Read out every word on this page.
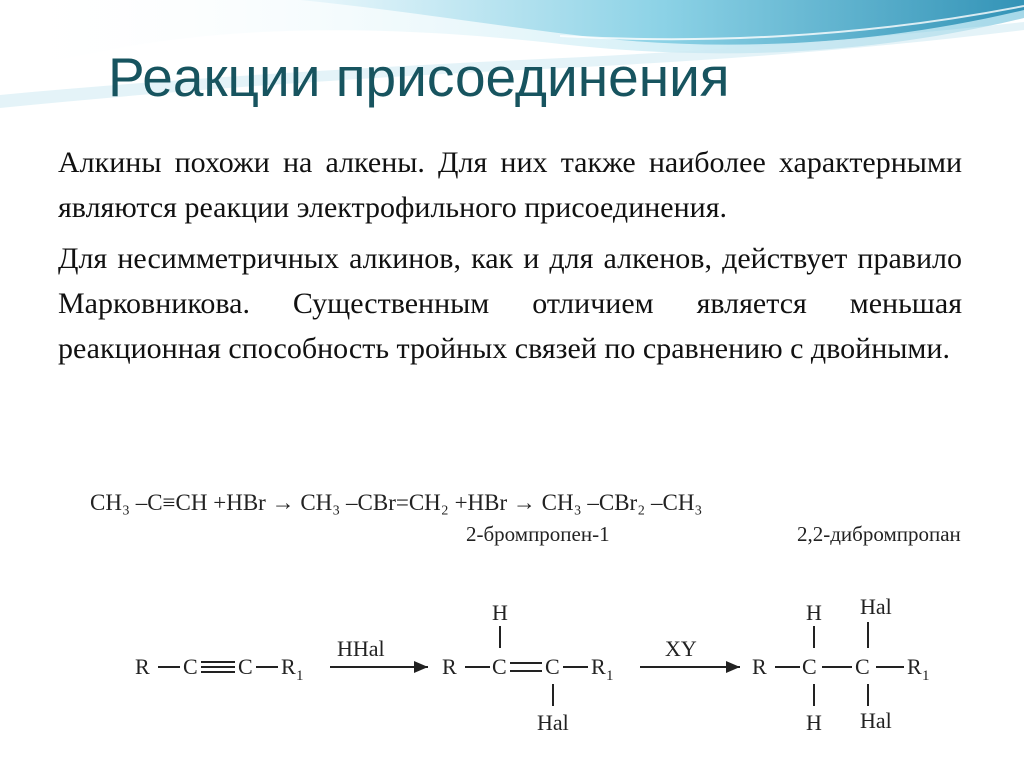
Реакции присоединения

Алкины похожи на алкены. Для них также наиболее характерными являются реакции электрофильного присоединения.

Для несимметричных алкинов, как и для алкенов, действует правило Марковникова. Существенным отличием является меньшая реакционная способность тройных связей по сравнению с двойными.

CH₃ –C≡CH +HBr → CH₃ –CBr=CH₂ +HBr → CH₃ –CBr₂ –CH₃
2-бромпропен-1	2,2-дибромпропан
R C C R 1
HHal
R C
H
C
Hal
R 1
XY
R C
H
H
C
Hal
Hal
R 1
